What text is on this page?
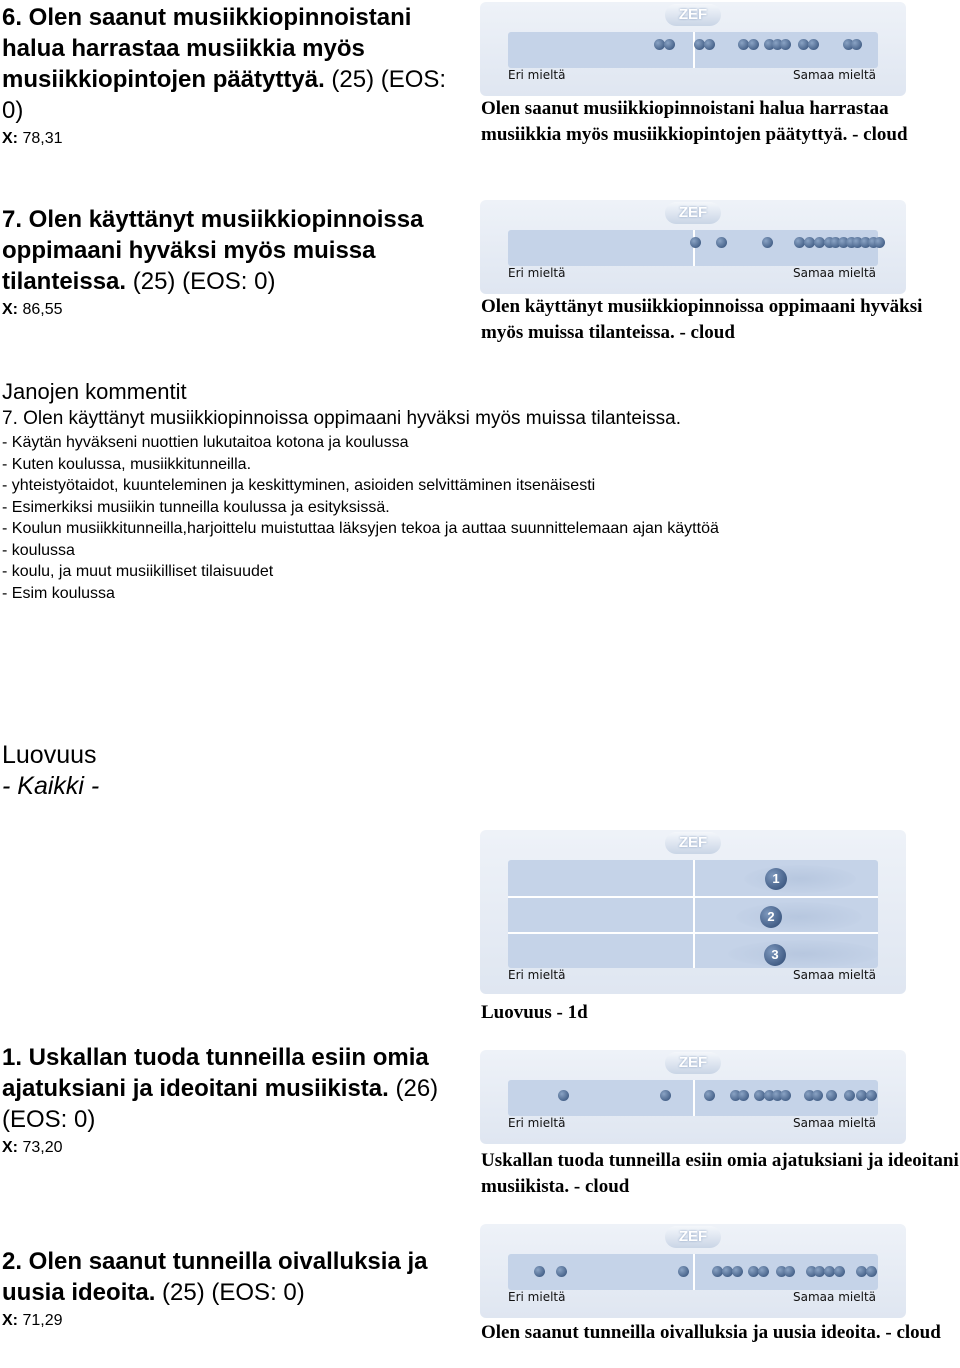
6. Olen saanut musiikkiopinnoistani halua harrastaa musiikkia myös musiikkiopintojen päätyttyä. (25) (EOS: 0)
X: 78,31
ZEF
Eri mieltä	Samaa mieltä
Olen saanut musiikkiopinnoistani halua harrastaa musiikkia myös musiikkiopintojen päätyttyä. - cloud
7. Olen käyttänyt musiikkiopinnoissa oppimaani hyväksi myös muissa tilanteissa. (25) (EOS: 0)
X: 86,55
ZEF
Eri mieltä	Samaa mieltä
Olen käyttänyt musiikkiopinnoissa oppimaani hyväksi myös muissa tilanteissa. - cloud
Janojen kommentit
7. Olen käyttänyt musiikkiopinnoissa oppimaani hyväksi myös muissa tilanteissa.
- Käytän hyväkseni nuottien lukutaitoa kotona ja koulussa
- Kuten koulussa, musiikkitunneilla.
- yhteistyötaidot, kuunteleminen ja keskittyminen, asioiden selvittäminen itsenäisesti
- Esimerkiksi musiikin tunneilla koulussa ja esityksissä.
- Koulun musiikkitunneilla,harjoittelu muistuttaa läksyjen tekoa ja auttaa suunnittelemaan ajan käyttöä
- koulussa
- koulu, ja muut musiikilliset tilaisuudet
- Esim koulussa
Luovuus
- Kaikki -
ZEF
1
2
3
Eri mieltä	Samaa mieltä
Luovuus - 1d
1. Uskallan tuoda tunneilla esiin omia ajatuksiani ja ideoitani musiikista. (26) (EOS: 0)
X: 73,20
ZEF
Eri mieltä	Samaa mieltä
Uskallan tuoda tunneilla esiin omia ajatuksiani ja ideoitani musiikista. - cloud
2. Olen saanut tunneilla oivalluksia ja uusia ideoita. (25) (EOS: 0)
X: 71,29
ZEF
Eri mieltä	Samaa mieltä
Olen saanut tunneilla oivalluksia ja uusia ideoita. - cloud
